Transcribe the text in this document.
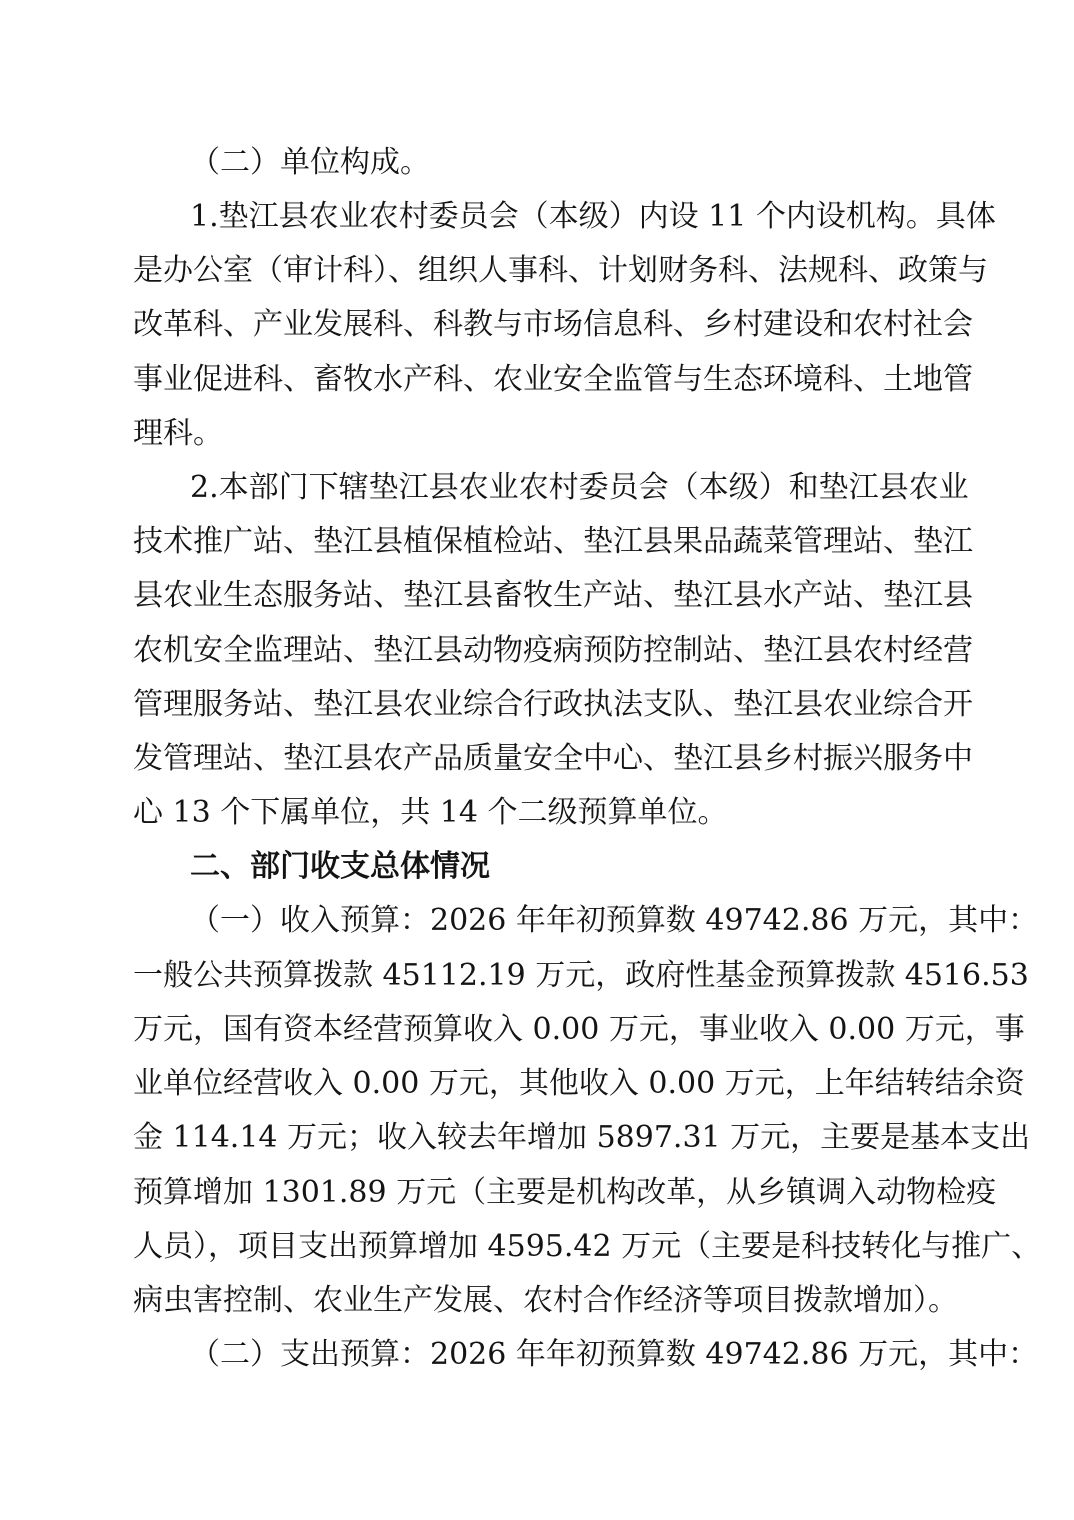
（二）单位构成。
1.垫江县农业农村委员会（本级）内设 11 个内设机构。具体
是办公室（审计科）、组织人事科、计划财务科、法规科、政策与
改革科、产业发展科、科教与市场信息科、乡村建设和农村社会
事业促进科、畜牧水产科、农业安全监管与生态环境科、土地管
理科。
2.本部门下辖垫江县农业农村委员会（本级）和垫江县农业
技术推广站、垫江县植保植检站、垫江县果品蔬菜管理站、垫江
县农业生态服务站、垫江县畜牧生产站、垫江县水产站、垫江县
农机安全监理站、垫江县动物疫病预防控制站、垫江县农村经营
管理服务站、垫江县农业综合行政执法支队、垫江县农业综合开
发管理站、垫江县农产品质量安全中心、垫江县乡村振兴服务中
心 13 个下属单位，共 14 个二级预算单位。
二、部门收支总体情况
（一）收入预算：2026 年年初预算数 49742.86 万元，其中：
一般公共预算拨款 45112.19 万元，政府性基金预算拨款 4516.53
万元，国有资本经营预算收入 0.00 万元，事业收入 0.00 万元，事
业单位经营收入 0.00 万元，其他收入 0.00 万元，上年结转结余资
金 114.14 万元；收入较去年增加 5897.31 万元，主要是基本支出
预算增加 1301.89 万元（主要是机构改革，从乡镇调入动物检疫
人员），项目支出预算增加 4595.42 万元（主要是科技转化与推广、
病虫害控制、农业生产发展、农村合作经济等项目拨款增加）。
（二）支出预算：2026 年年初预算数 49742.86 万元，其中：
